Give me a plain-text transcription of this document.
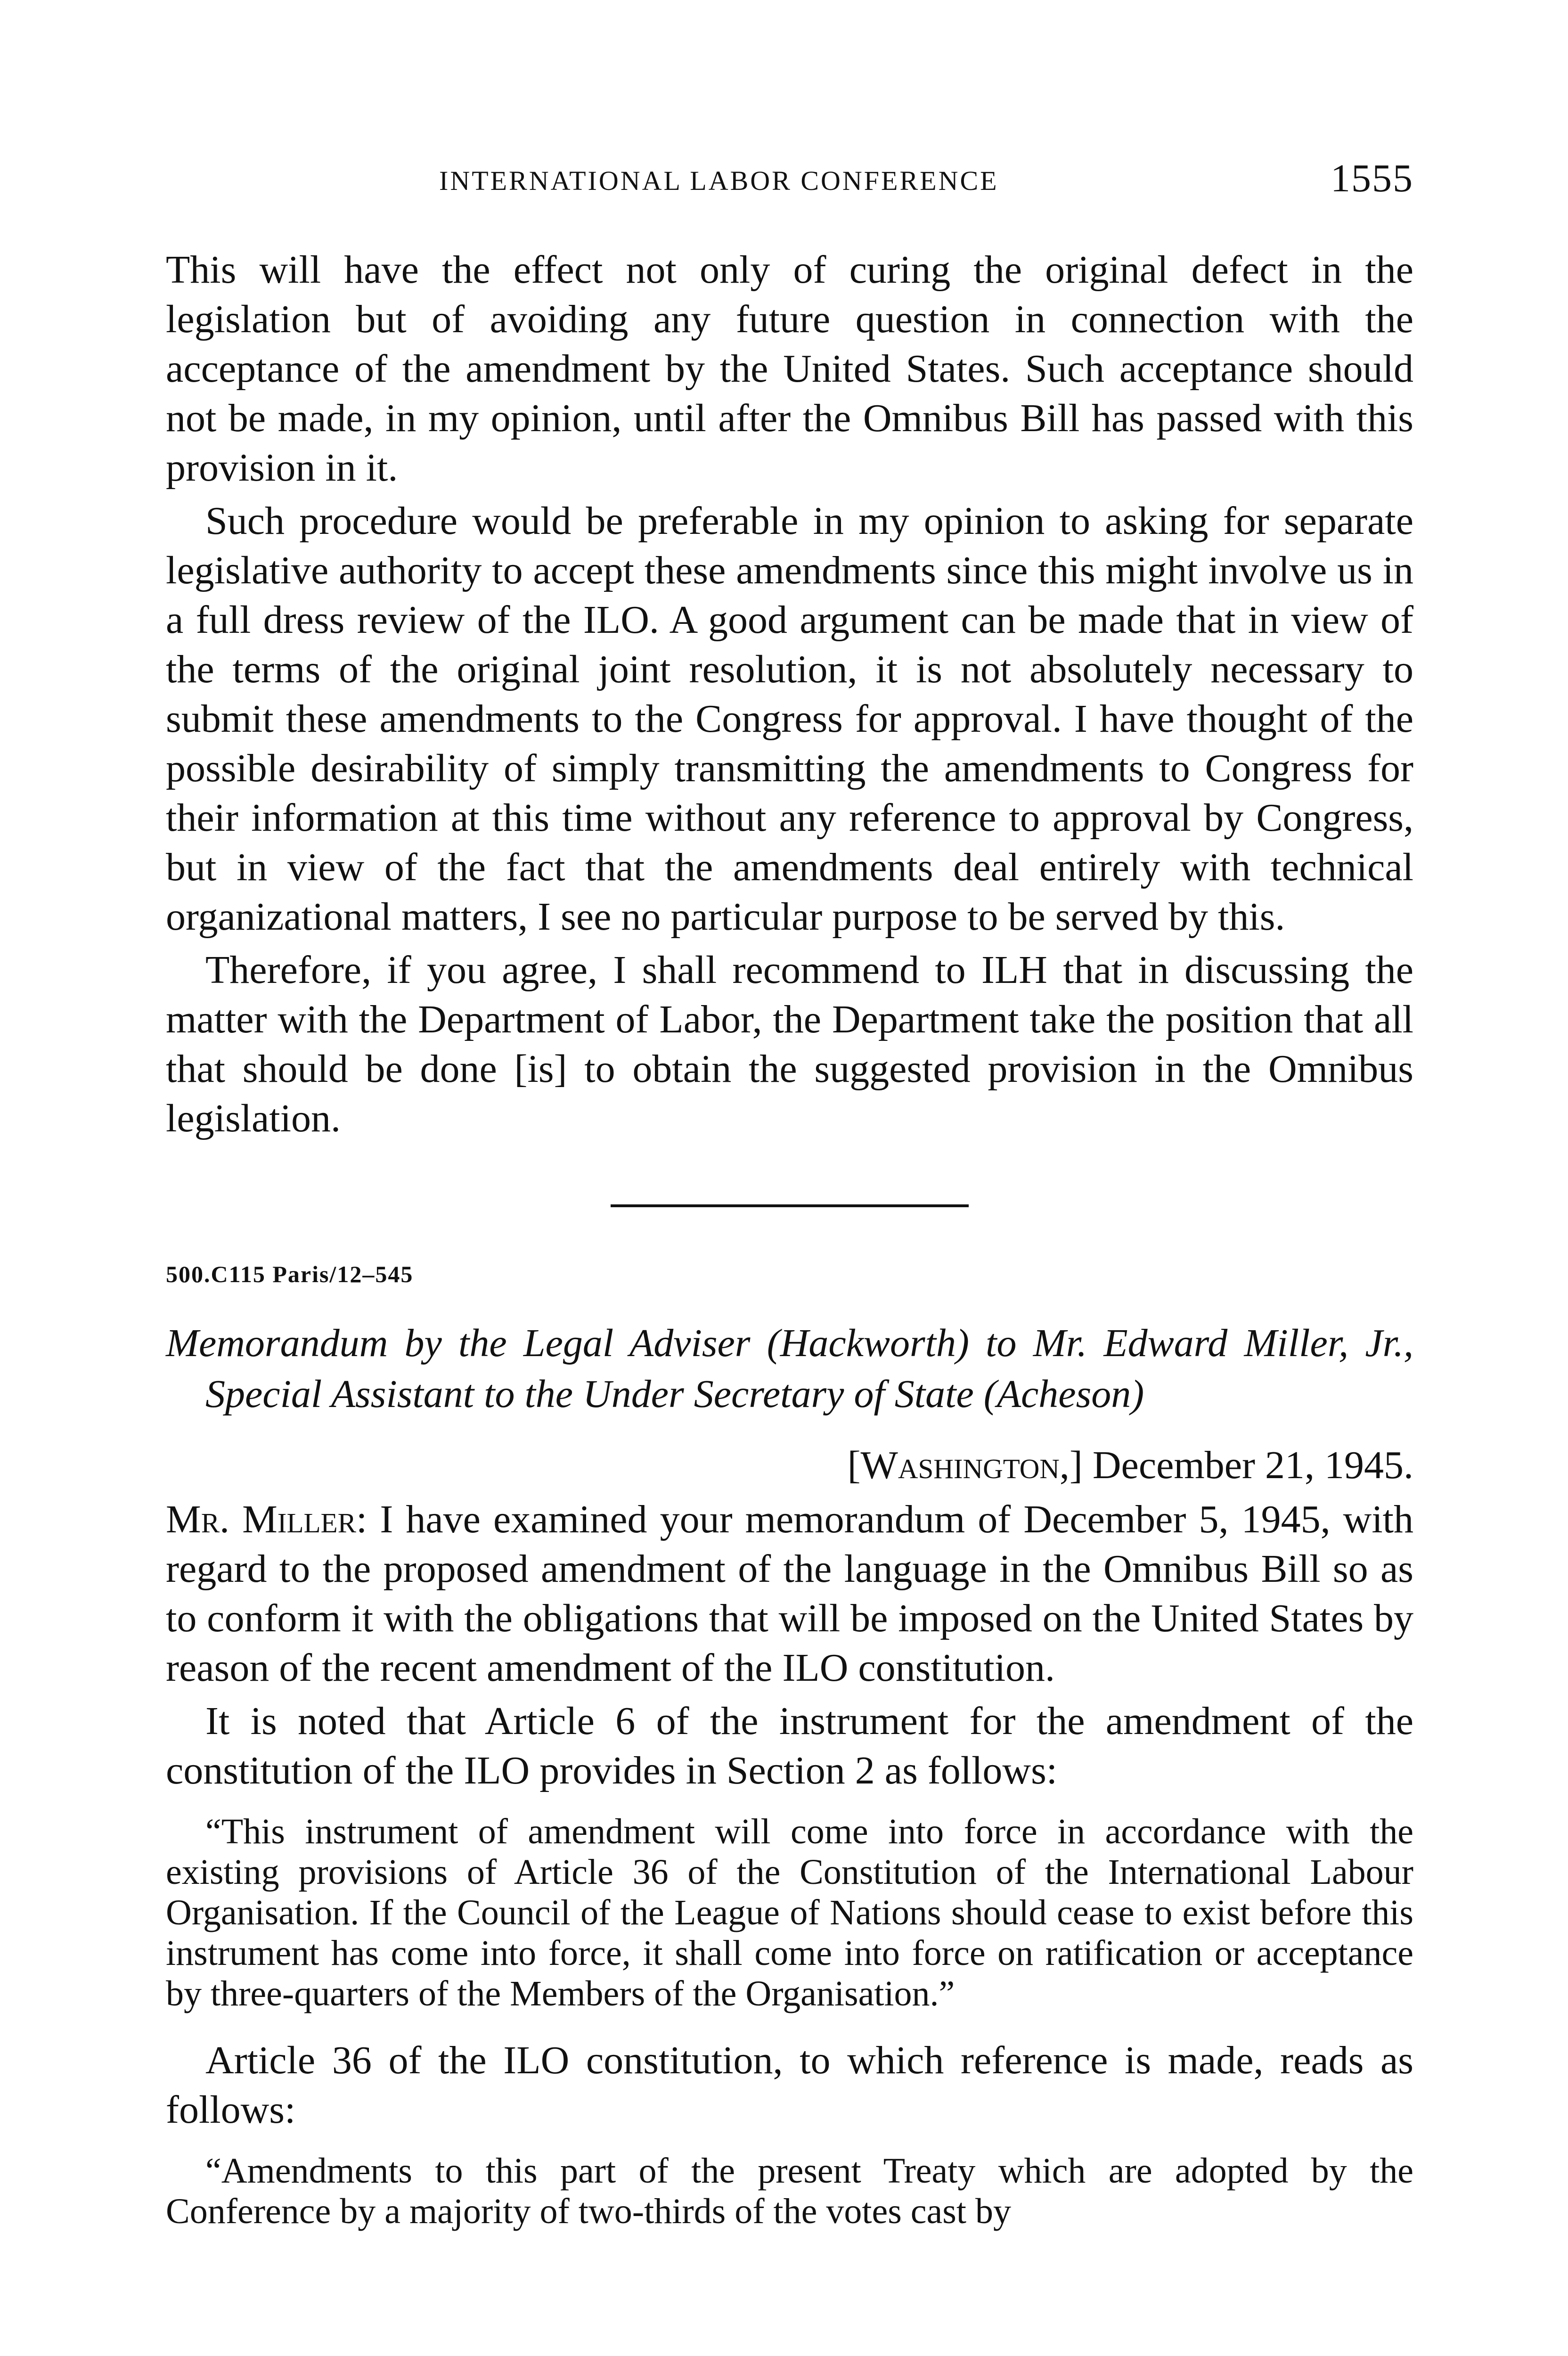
INTERNATIONAL LABOR CONFERENCE	1555

This will have the effect not only of curing the original defect in the legislation but of avoiding any future question in connection with the acceptance of the amendment by the United States. Such acceptance should not be made, in my opinion, until after the Omnibus Bill has passed with this provision in it.

Such procedure would be preferable in my opinion to asking for separate legislative authority to accept these amendments since this might involve us in a full dress review of the ILO. A good argument can be made that in view of the terms of the original joint resolution, it is not absolutely necessary to submit these amendments to the Congress for approval. I have thought of the possible desirability of simply transmitting the amendments to Congress for their information at this time without any reference to approval by Congress, but in view of the fact that the amendments deal entirely with technical organizational matters, I see no particular purpose to be served by this.

Therefore, if you agree, I shall recommend to ILH that in discussing the matter with the Department of Labor, the Department take the position that all that should be done [is] to obtain the suggested provision in the Omnibus legislation.

500.C115 Paris/12–545
Memorandum by the Legal Adviser (Hackworth) to Mr. Edward Miller, Jr., Special Assistant to the Under Secretary of State (Acheson)
[Washington,] December 21, 1945.

Mr. Miller: I have examined your memorandum of December 5, 1945, with regard to the proposed amendment of the language in the Omnibus Bill so as to conform it with the obligations that will be imposed on the United States by reason of the recent amendment of the ILO constitution.

It is noted that Article 6 of the instrument for the amendment of the constitution of the ILO provides in Section 2 as follows:

“This instrument of amendment will come into force in accordance with the existing provisions of Article 36 of the Constitution of the International Labour Organisation. If the Council of the League of Nations should cease to exist before this instrument has come into force, it shall come into force on ratification or acceptance by three-quarters of the Members of the Organisation.”

Article 36 of the ILO constitution, to which reference is made, reads as follows:

“Amendments to this part of the present Treaty which are adopted by the Conference by a majority of two-thirds of the votes cast by
